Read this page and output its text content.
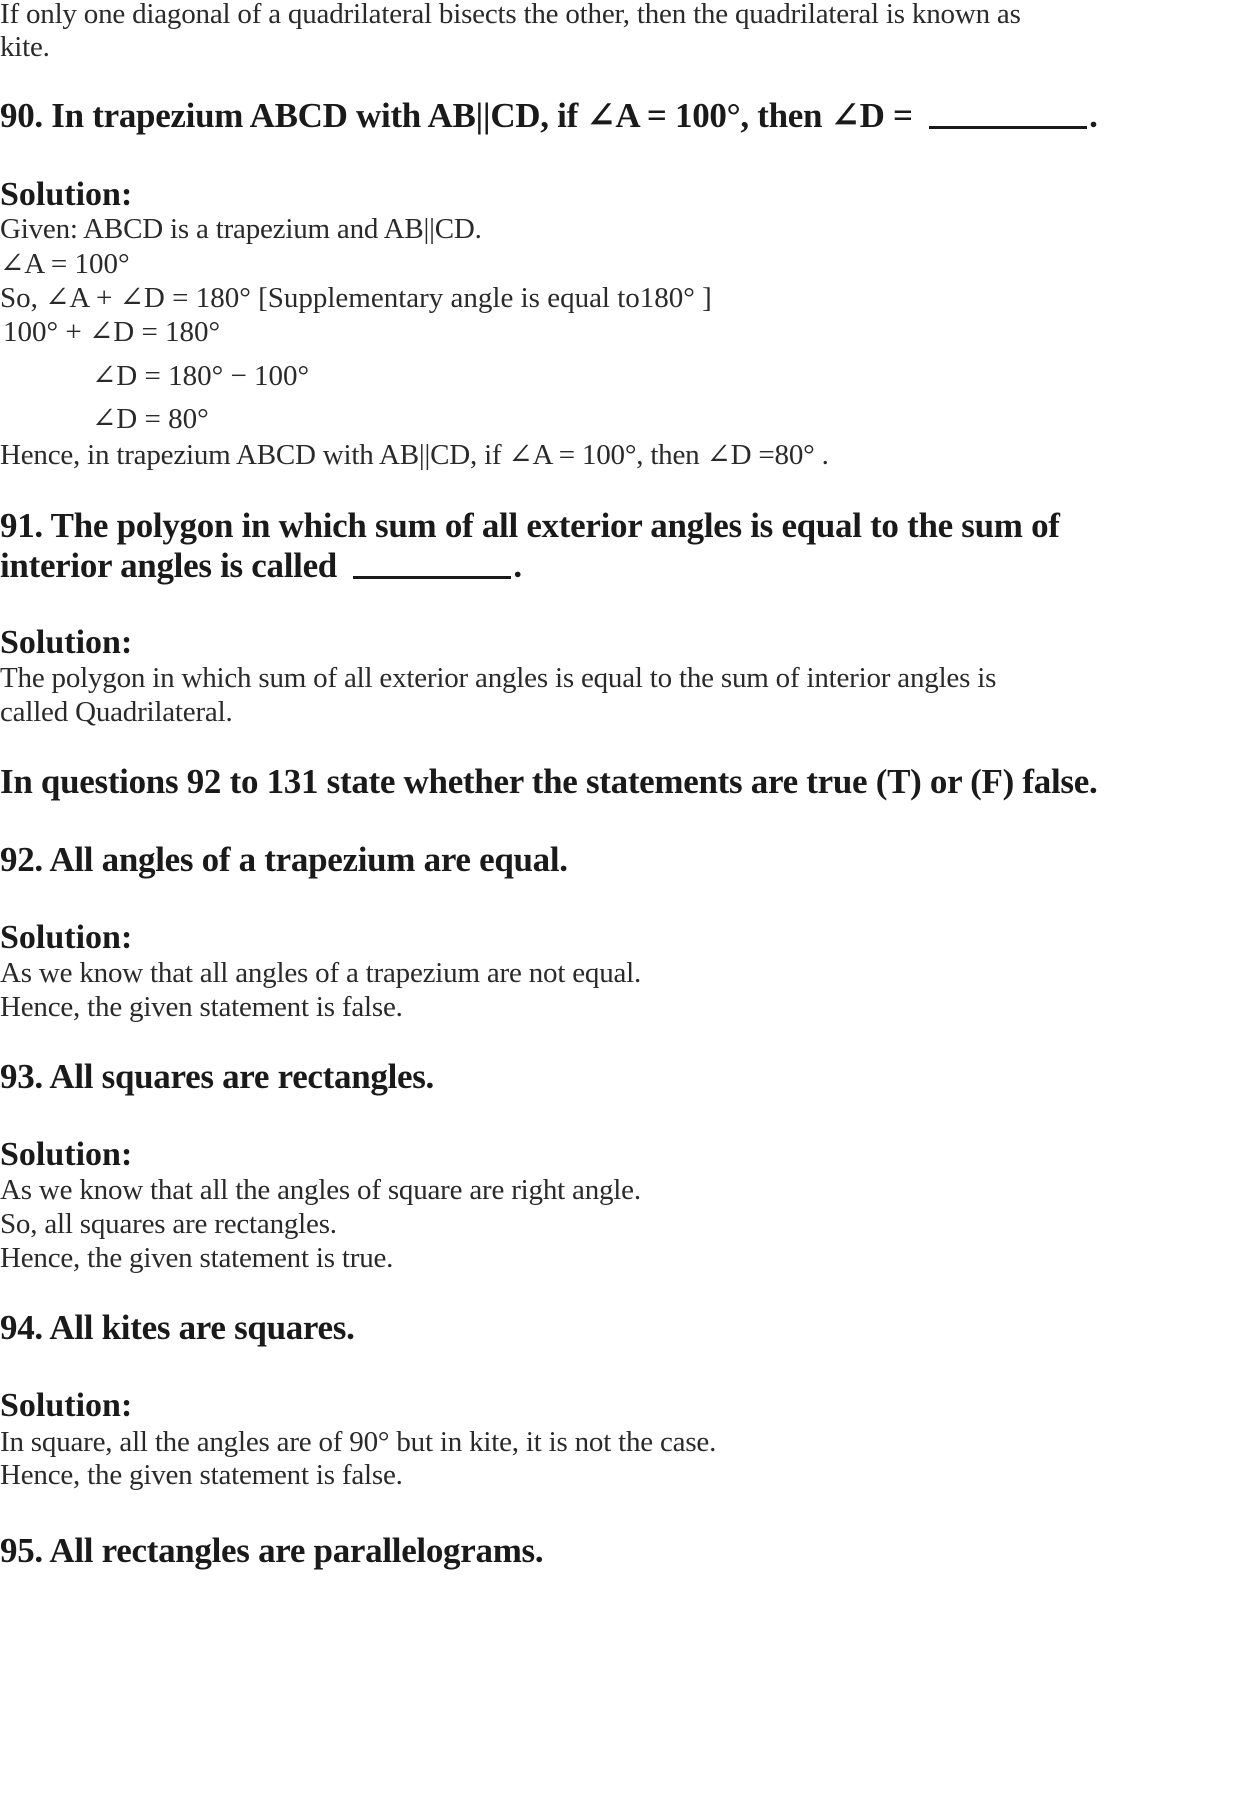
If only one diagonal of a quadrilateral bisects the other, then the quadrilateral is known as
kite.
90. In trapezium ABCD with AB||CD, if ∠A = 100°, then ∠D =	.
Solution:
Given: ABCD is a trapezium and AB||CD.
∠A = 100°
So, ∠A + ∠D = 180° [Supplementary angle is equal to180° ]
100° + ∠D = 180°
∠D = 180° − 100°
∠D = 80°
Hence, in trapezium ABCD with AB||CD, if ∠A = 100°, then ∠D =80° .
91. The polygon in which sum of all exterior angles is equal to the sum of
interior angles is called	.
Solution:
The polygon in which sum of all exterior angles is equal to the sum of interior angles is
called Quadrilateral.
In questions 92 to 131 state whether the statements are true (T) or (F) false.
92. All angles of a trapezium are equal.
Solution:
As we know that all angles of a trapezium are not equal.
Hence, the given statement is false.
93. All squares are rectangles.
Solution:
As we know that all the angles of square are right angle.
So, all squares are rectangles.
Hence, the given statement is true.
94. All kites are squares.
Solution:
In square, all the angles are of 90° but in kite, it is not the case.
Hence, the given statement is false.
95. All rectangles are parallelograms.
